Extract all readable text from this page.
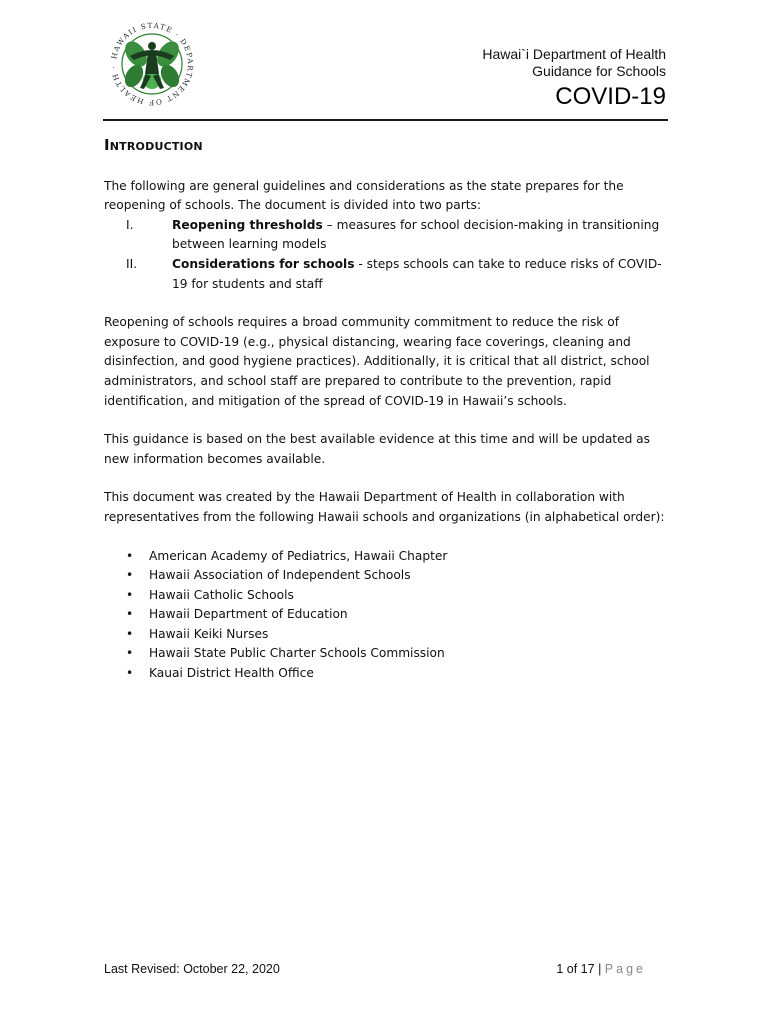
HAWAII STATE · DEPARTMENT OF HEALTH ·
Hawai`i Department of Health
Guidance for Schools
COVID-19
Introduction

The following are general guidelines and considerations as the state prepares for the reopening of schools. The document is divided into two parts:

I.	Reopening thresholds – measures for school decision-making in transitioning between learning models
II.	Considerations for schools - steps schools can take to reduce risks of COVID-19 for students and staff

Reopening of schools requires a broad community commitment to reduce the risk of exposure to COVID-19 (e.g., physical distancing, wearing face coverings, cleaning and disinfection, and good hygiene practices). Additionally, it is critical that all district, school administrators, and school staff are prepared to contribute to the prevention, rapid identification, and mitigation of the spread of COVID-19 in Hawaii’s schools.

This guidance is based on the best available evidence at this time and will be updated as new information becomes available.

This document was created by the Hawaii Department of Health in collaboration with representatives from the following Hawaii schools and organizations (in alphabetical order):

• American Academy of Pediatrics, Hawaii Chapter
• Hawaii Association of Independent Schools
• Hawaii Catholic Schools
• Hawaii Department of Education
• Hawaii Keiki Nurses
• Hawaii State Public Charter Schools Commission
• Kauai District Health Office
Last Revised: October 22, 2020	1 of 17 | Page
